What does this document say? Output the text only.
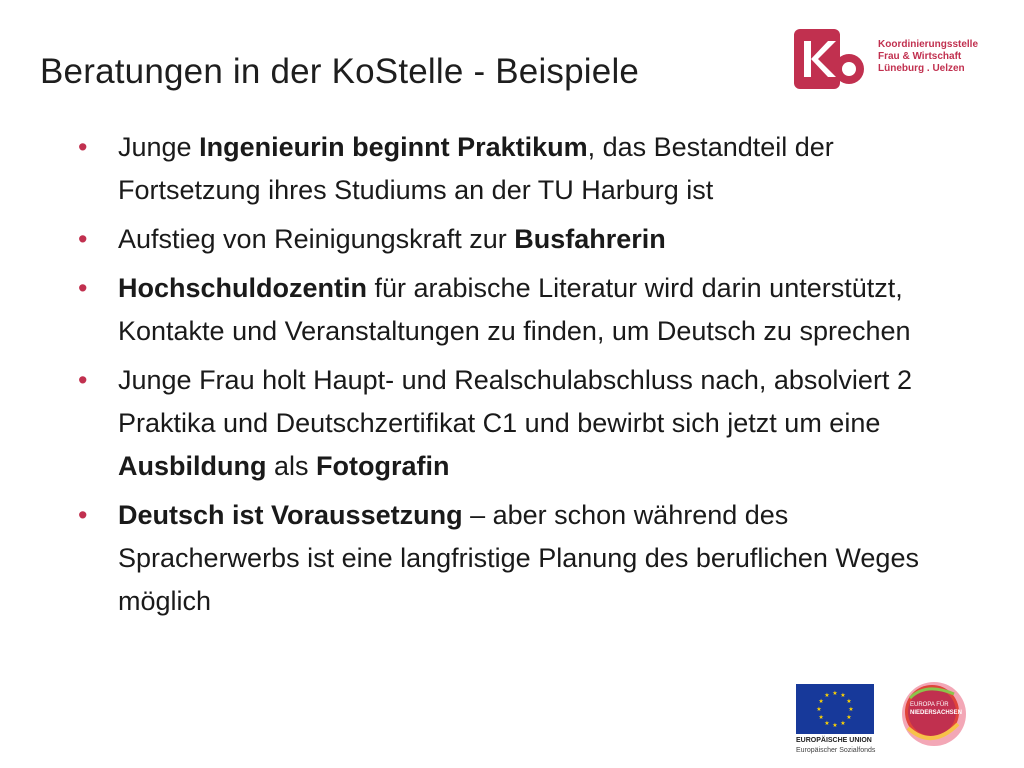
Beratungen in der KoStelle - Beispiele
Koordinierungsstelle
Frau & Wirtschaft
Lüneburg . Uelzen
• Junge Ingenieurin beginnt Praktikum, das Bestandteil der Fortsetzung ihres Studiums an der TU Harburg ist
• Aufstieg von Reinigungskraft zur Busfahrerin
• Hochschuldozentin für arabische Literatur wird darin unterstützt, Kontakte und Veranstaltungen zu finden, um Deutsch zu sprechen
• Junge Frau holt Haupt- und Realschulabschluss nach, absolviert 2 Praktika und Deutschzertifikat C1 und bewirbt sich jetzt um eine Ausbildung als Fotografin
• Deutsch ist Voraussetzung – aber schon während des Spracherwerbs ist eine langfristige Planung des beruflichen Weges möglich
★ ★
★
★
★
★
★
★
★
★
★
★
EUROPÄISCHE UNION
Europäischer Sozialfonds
EUROPA FÜR
NIEDERSACHSEN
